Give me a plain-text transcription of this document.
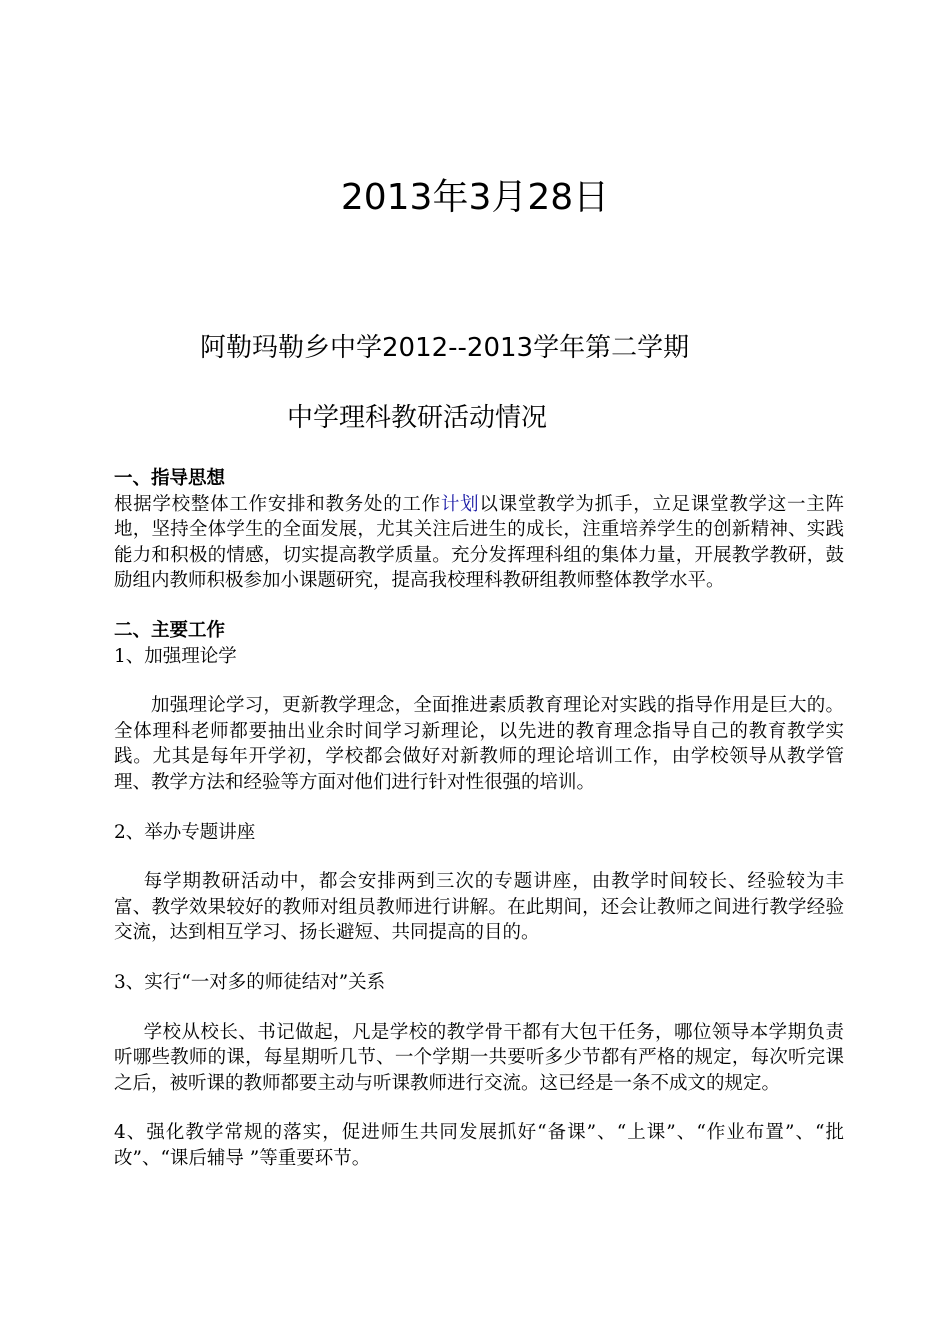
2013年3月28日
阿勒玛勒乡中学2012--2013学年第二学期
中学理科教研活动情况

一、指导思想

根据学校整体工作安排和教务处的工作计划以课堂教学为抓手，立足课堂教学这一主阵地，坚持全体学生的全面发展，尤其关注后进生的成长，注重培养学生的创新精神、实践能力和积极的情感，切实提高教学质量。充分发挥理科组的集体力量，开展教学教研，鼓励组内教师积极参加小课题研究，提高我校理科教研组教师整体教学水平。

二、主要工作

1、加强理论学

加强理论学习，更新教学理念，全面推进素质教育理论对实践的指导作用是巨大的。全体理科老师都要抽出业余时间学习新理论，以先进的教育理念指导自己的教育教学实践。尤其是每年开学初，学校都会做好对新教师的理论培训工作，由学校领导从教学管理、教学方法和经验等方面对他们进行针对性很强的培训。

2、举办专题讲座

每学期教研活动中，都会安排两到三次的专题讲座，由教学时间较长、经验较为丰富、教学效果较好的教师对组员教师进行讲解。在此期间，还会让教师之间进行教学经验交流，达到相互学习、扬长避短、共同提高的目的。

3、实行“一对多的师徒结对”关系

学校从校长、书记做起，凡是学校的教学骨干都有大包干任务，哪位领导本学期负责听哪些教师的课，每星期听几节、一个学期一共要听多少节都有严格的规定，每次听完课之后，被听课的教师都要主动与听课教师进行交流。这已经是一条不成文的规定。

4、强化教学常规的落实，促进师生共同发展抓好“备课”、“上课”、“作业布置”、“批改”、“课后辅导 ”等重要环节。
